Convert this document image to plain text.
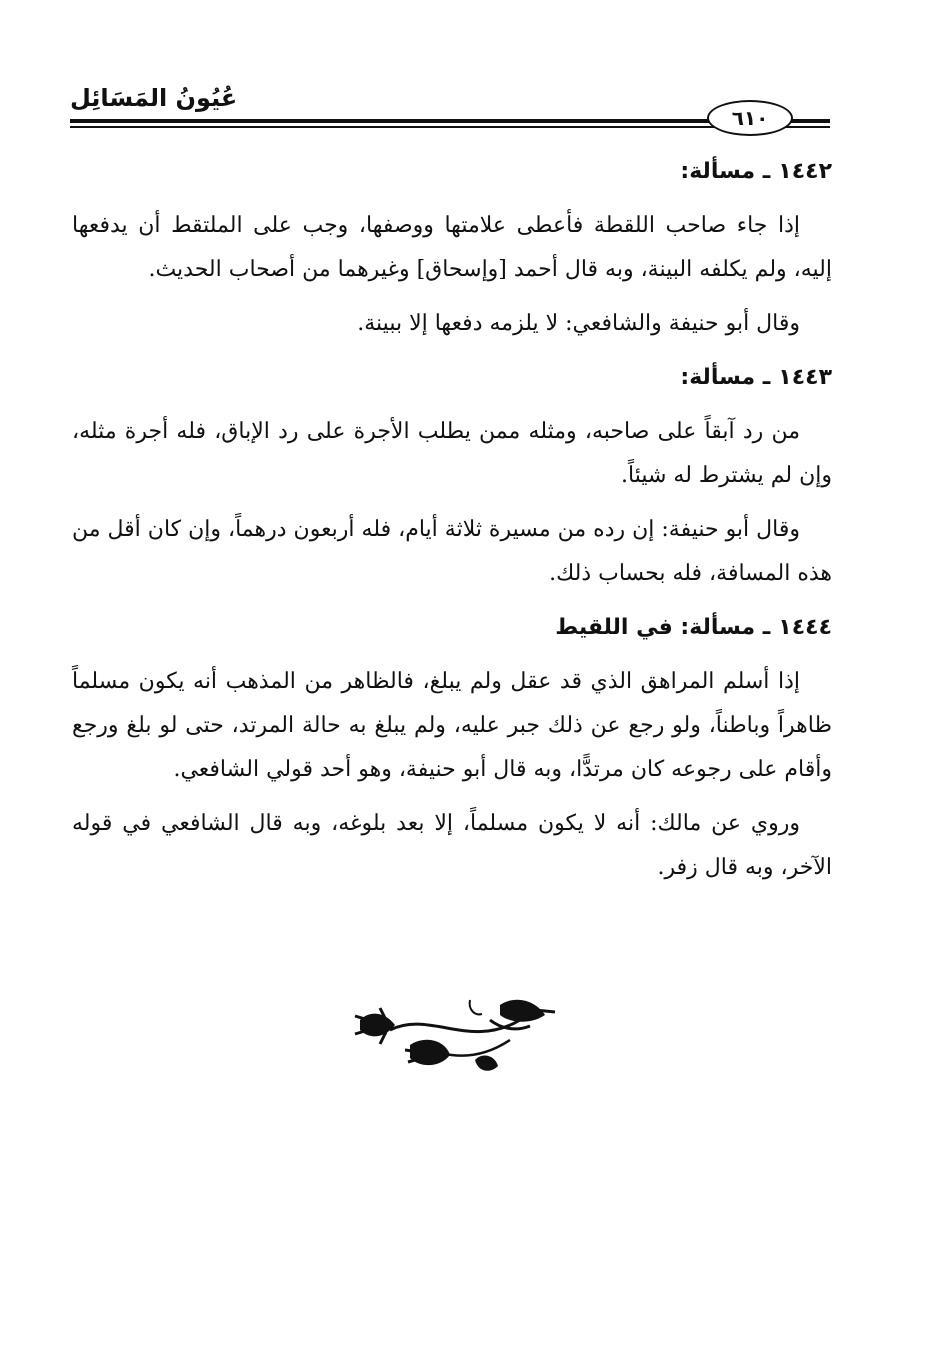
عُيُونُ المَسَائِل
٦١٠
١٤٤٢ـ مسألة:

إذا جاء صاحب اللقطة فأعطى علامتها ووصفها، وجب على الملتقط أن يدفعها إليه، ولم يكلفه البينة، وبه قال أحمد [وإسحاق] وغيرهما من أصحاب الحديث.

وقال أبو حنيفة والشافعي: لا يلزمه دفعها إلا ببينة.

١٤٤٣ـ مسألة:

من رد آبقاً على صاحبه، ومثله ممن يطلب الأجرة على رد الإباق، فله أجرة مثله، وإن لم يشترط له شيئاً.

وقال أبو حنيفة: إن رده من مسيرة ثلاثة أيام، فله أربعون درهماً، وإن كان أقل من هذه المسافة، فله بحساب ذلك.

١٤٤٤ـ مسألة: في اللقيط

إذا أسلم المراهق الذي قد عقل ولم يبلغ، فالظاهر من المذهب أنه يكون مسلماً ظاهراً وباطناً، ولو رجع عن ذلك جبر عليه، ولم يبلغ به حالة المرتد، حتى لو بلغ ورجع وأقام على رجوعه كان مرتدًّا، وبه قال أبو حنيفة، وهو أحد قولي الشافعي.

وروي عن مالك: أنه لا يكون مسلماً، إلا بعد بلوغه، وبه قال الشافعي في قوله الآخر، وبه قال زفر.
